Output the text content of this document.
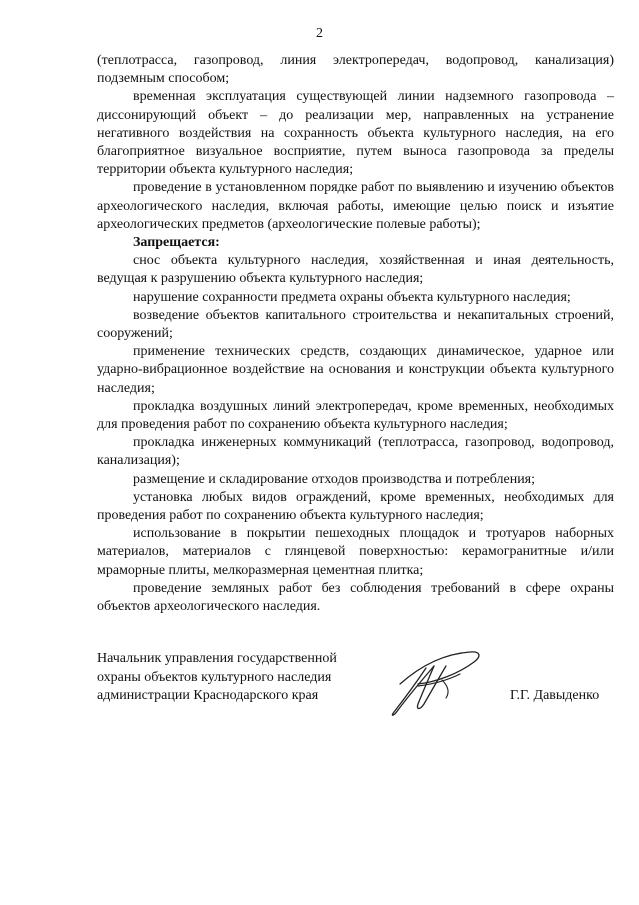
2

(теплотрасса, газопровод, линия электропередач, водопровод, канализация) подземным способом;

временная эксплуатация существующей линии надземного газопровода – диссонирующий объект – до реализации мер, направленных на устранение негативного воздействия на сохранность объекта культурного наследия, на его благоприятное визуальное восприятие, путем выноса газопровода за пределы территории объекта культурного наследия;

проведение в установленном порядке работ по выявлению и изучению объектов археологического наследия, включая работы, имеющие целью поиск и изъятие археологических предметов (археологические полевые работы);

Запрещается:

снос объекта культурного наследия, хозяйственная и иная деятельность, ведущая к разрушению объекта культурного наследия;

нарушение сохранности предмета охраны объекта культурного наследия;

возведение объектов капитального строительства и некапитальных строений, сооружений;

применение технических средств, создающих динамическое, ударное или ударно-вибрационное воздействие на основания и конструкции объекта культурного наследия;

прокладка воздушных линий электропередач, кроме временных, необходимых для проведения работ по сохранению объекта культурного наследия;

прокладка инженерных коммуникаций (теплотрасса, газопровод, водопровод, канализация);

размещение и складирование отходов производства и потребления;

установка любых видов ограждений, кроме временных, необходимых для проведения работ по сохранению объекта культурного наследия;

использование в покрытии пешеходных площадок и тротуаров наборных материалов, материалов с глянцевой поверхностью: керамогранитные и/или мраморные плиты, мелкоразмерная цементная плитка;

проведение земляных работ без соблюдения требований в сфере охраны объектов археологического наследия.

Начальник управления государственной
охраны объектов культурного наследия
администрации Краснодарского края	Г.Г. Давыденко
